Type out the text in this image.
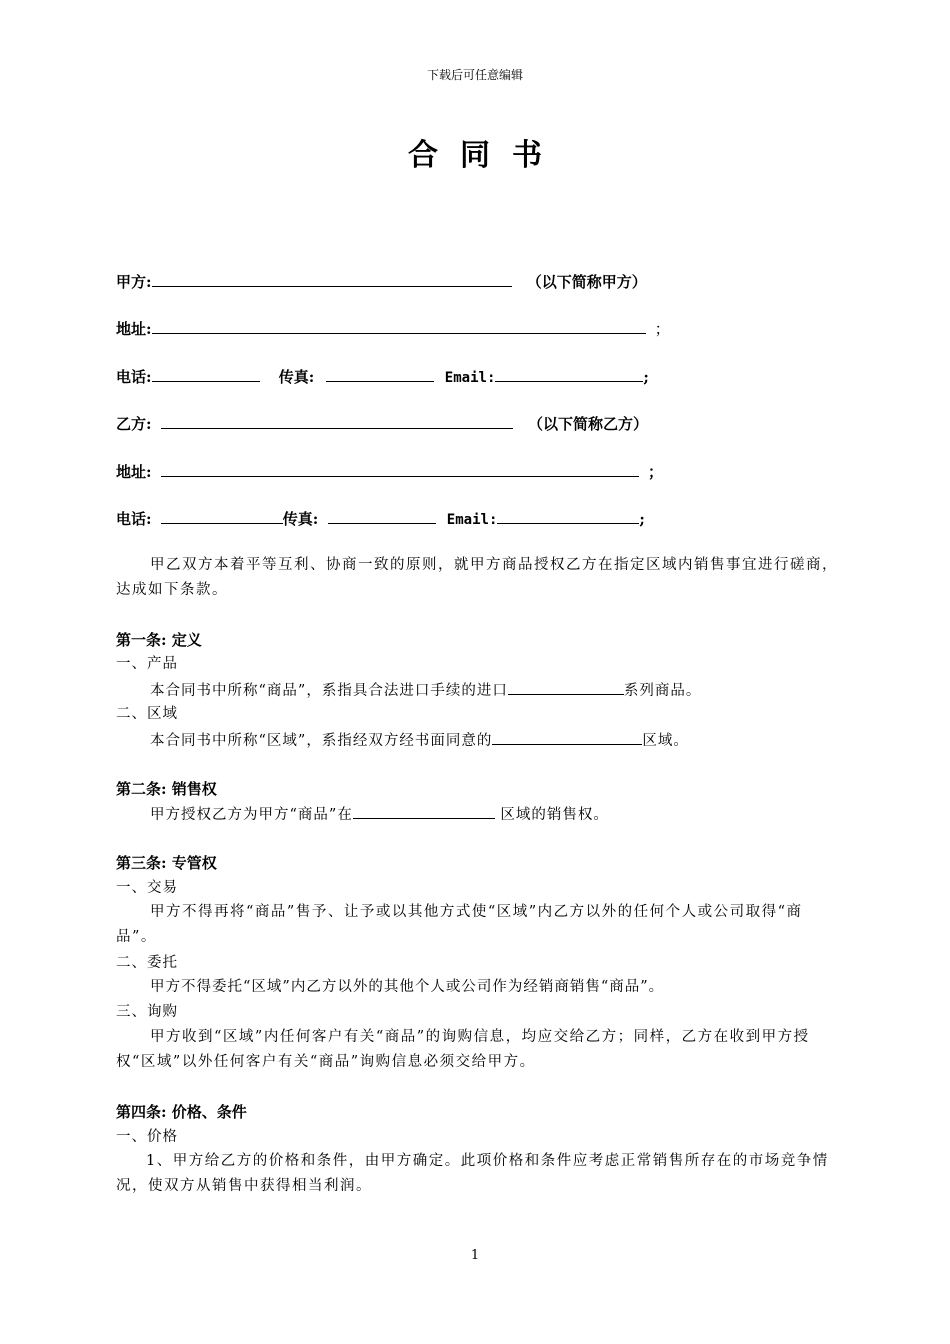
下载后可任意编辑
合同书
甲方:	（以下简称甲方）
地址:	；
电话:	传真:	Email:	;
乙方:	（以下简称乙方）
地址:	；
电话:	传真:	Email:	;
甲乙双方本着平等互利、协商一致的原则，就甲方商品授权乙方在指定区域内销售事宜进行磋商，达成如下条款。
第一条: 定义
一、产品
本合同书中所称“商品”，系指具合法进口手续的进口	系列商品。
二、区域
本合同书中所称“区域”，系指经双方经书面同意的	区域。
第二条: 销售权
甲方授权乙方为甲方“商品”在	区域的销售权。
第三条: 专管权
一、交易
甲方不得再将“商品”售予、让予或以其他方式使“区域”内乙方以外的任何个人或公司取得“商品”。
二、委托
甲方不得委托“区域”内乙方以外的其他个人或公司作为经销商销售“商品”。
三、询购
甲方收到“区域”内任何客户有关“商品”的询购信息，均应交给乙方；同样，乙方在收到甲方授权“区域”以外任何客户有关“商品”询购信息必须交给甲方。
第四条: 价格、条件
一、价格
1、甲方给乙方的价格和条件，由甲方确定。此项价格和条件应考虑正常销售所存在的市场竞争情况，使双方从销售中获得相当利润。
1
